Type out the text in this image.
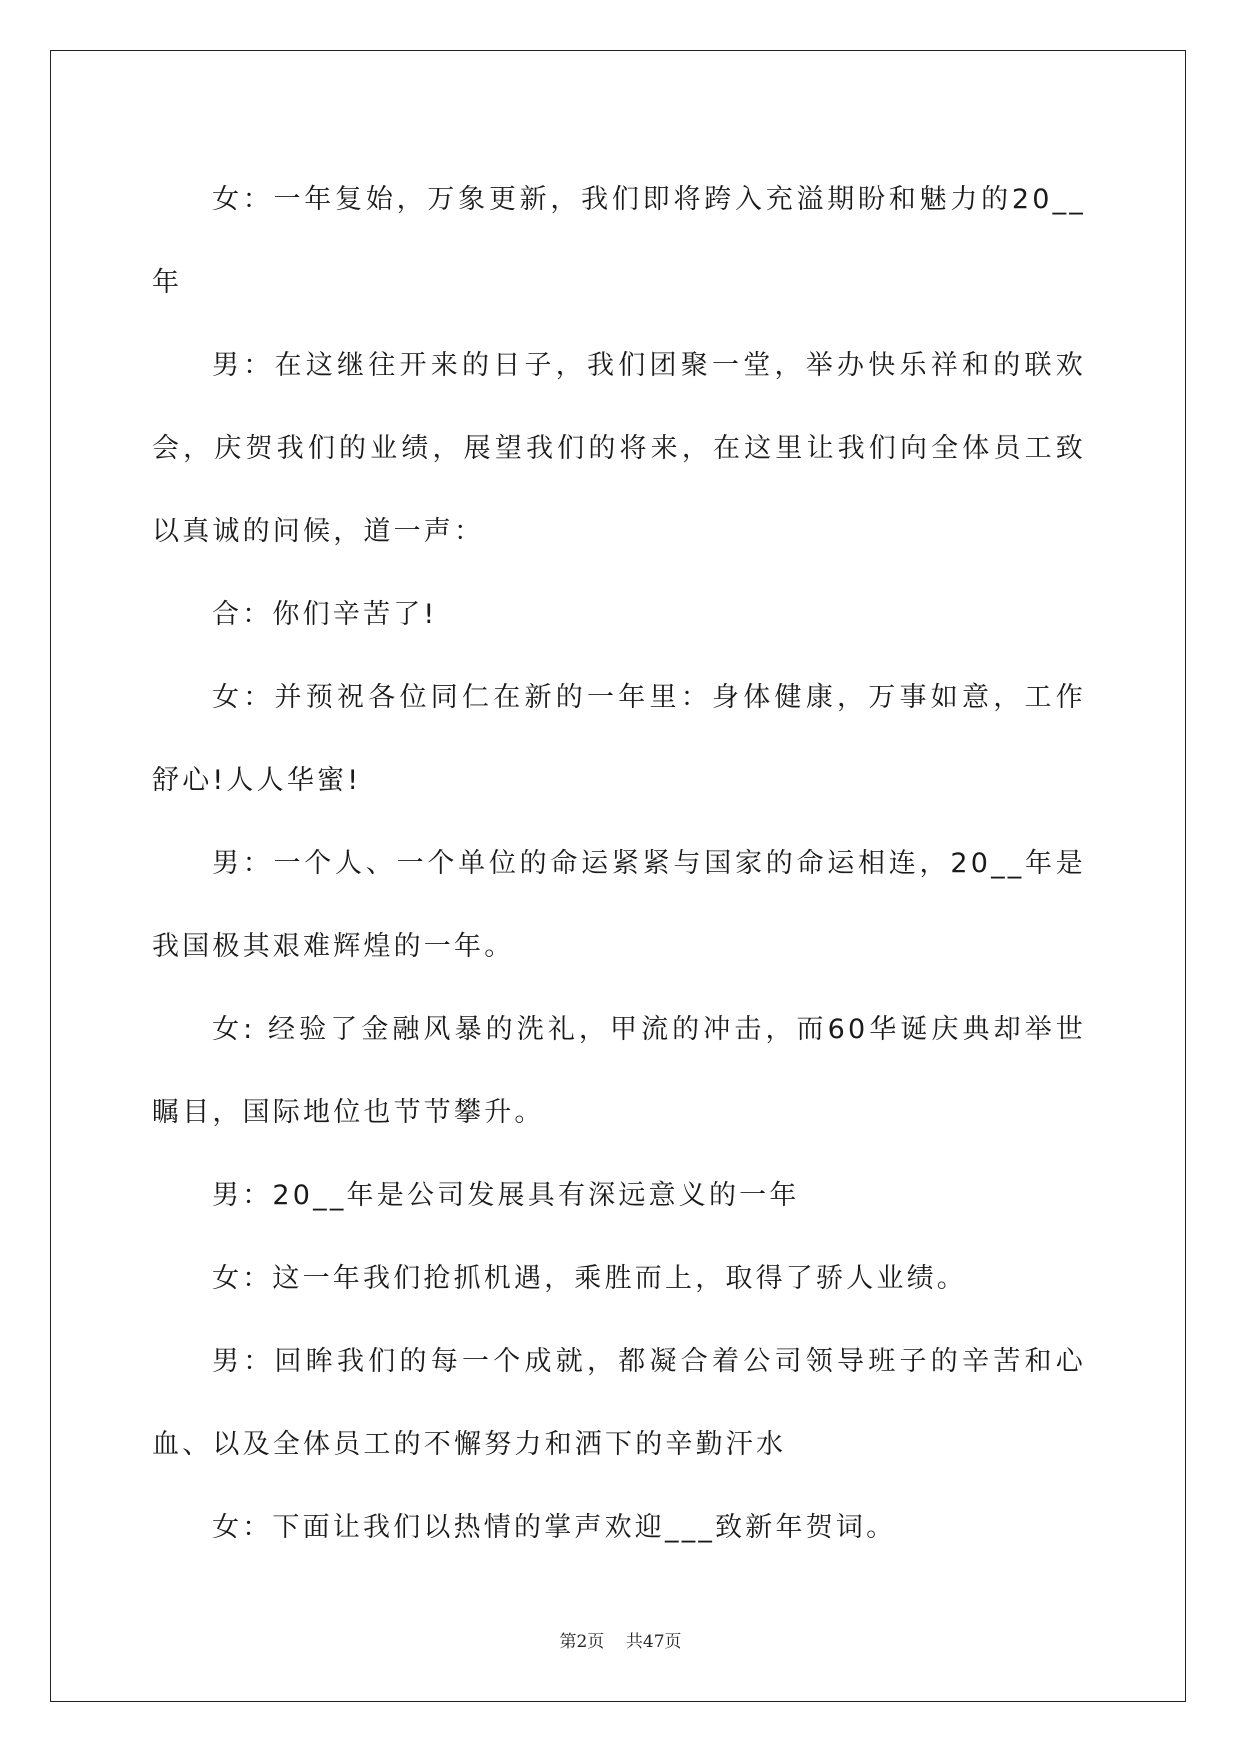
女：一年复始，万象更新，我们即将跨入充溢期盼和魅力的20__年

男：在这继往开来的日子，我们团聚一堂，举办快乐祥和的联欢会，庆贺我们的业绩，展望我们的将来，在这里让我们向全体员工致以真诚的问候，道一声：

合：你们辛苦了!

女：并预祝各位同仁在新的一年里：身体健康，万事如意，工作舒心!人人华蜜!

男：一个人、一个单位的命运紧紧与国家的命运相连，20__年是我国极其艰难辉煌的一年。

女: 经验了金融风暴的洗礼，甲流的冲击，而60华诞庆典却举世瞩目，国际地位也节节攀升。

男：20__年是公司发展具有深远意义的一年

女：这一年我们抢抓机遇，乘胜而上，取得了骄人业绩。

男：回眸我们的每一个成就，都凝合着公司领导班子的辛苦和心血、以及全体员工的不懈努力和洒下的辛勤汗水

女：下面让我们以热情的掌声欢迎___致新年贺词。

第2页 共47页
